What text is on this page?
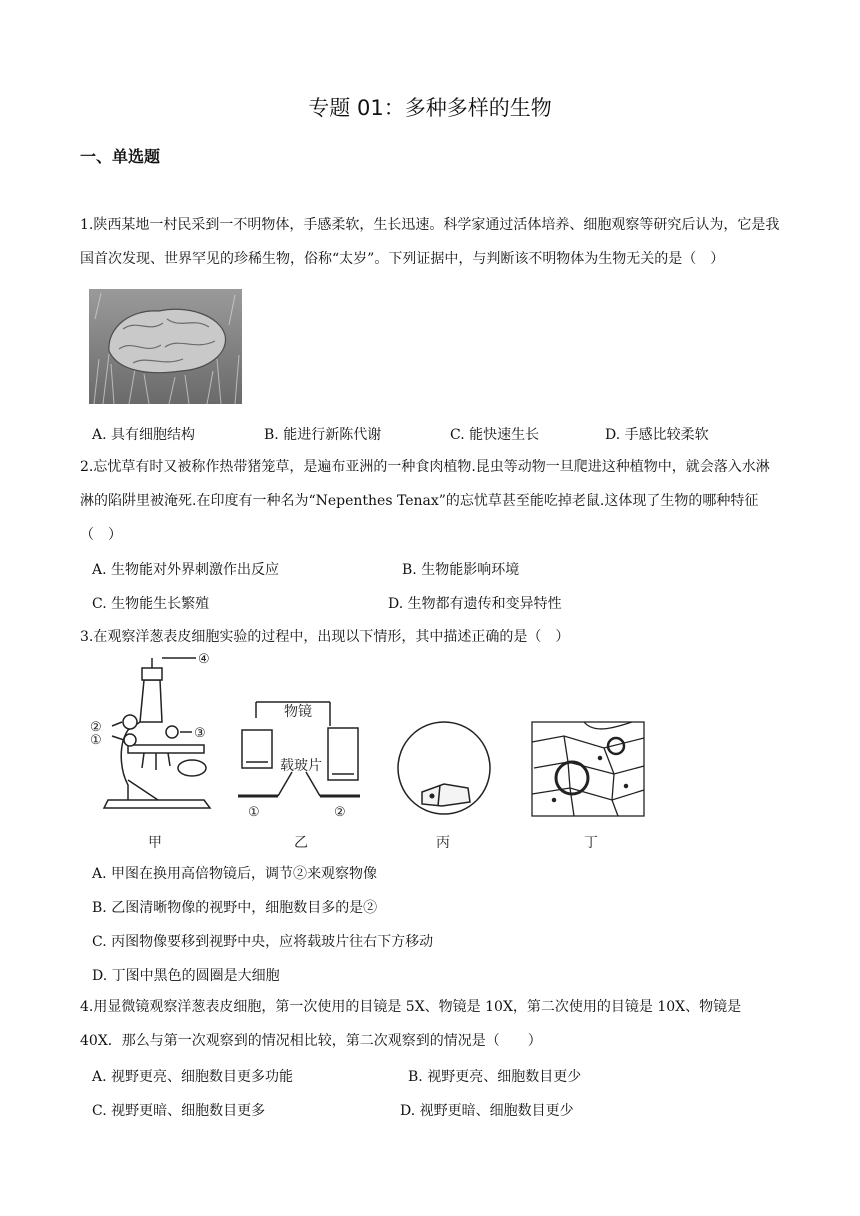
专题 01：多种多样的生物
一、单选题
1.陕西某地一村民采到一不明物体，手感柔软，生长迅速。科学家通过活体培养、细胞观察等研究后认为，它是我国首次发现、世界罕见的珍稀生物，俗称“太岁”。下列证据中，与判断该不明物体为生物无关的是（　）
A. 具有细胞结构	B. 能进行新陈代谢	C. 能快速生长	D. 手感比较柔软
2.忘忧草有时又被称作热带猪笼草，是遍布亚洲的一种食肉植物.昆虫等动物一旦爬进这种植物中，就会落入水淋淋的陷阱里被淹死.在印度有一种名为“Nepenthes Tenax”的忘忧草甚至能吃掉老鼠.这体现了生物的哪种特征（　）
A. 生物能对外界刺激作出反应	B. 生物能影响环境
C. 生物能生长繁殖	D. 生物都有遗传和变异特性
3.在观察洋葱表皮细胞实验的过程中，出现以下情形，其中描述正确的是（　）
④
②
①	③
甲
物镜
载玻片
①	②
乙	丙	丁
A. 甲图在换用高倍物镜后，调节②来观察物像
B. 乙图清晰物像的视野中，细胞数目多的是②
C. 丙图物像要移到视野中央，应将载玻片往右下方移动
D. 丁图中黑色的圆圈是大细胞
4.用显微镜观察洋葱表皮细胞，第一次使用的目镜是 5X、物镜是 10X，第二次使用的目镜是 10X、物镜是 40X．那么与第一次观察到的情况相比较，第二次观察到的情况是（　　）
A. 视野更亮、细胞数目更多功能	B. 视野更亮、细胞数目更少
C. 视野更暗、细胞数目更多	D. 视野更暗、细胞数目更少
